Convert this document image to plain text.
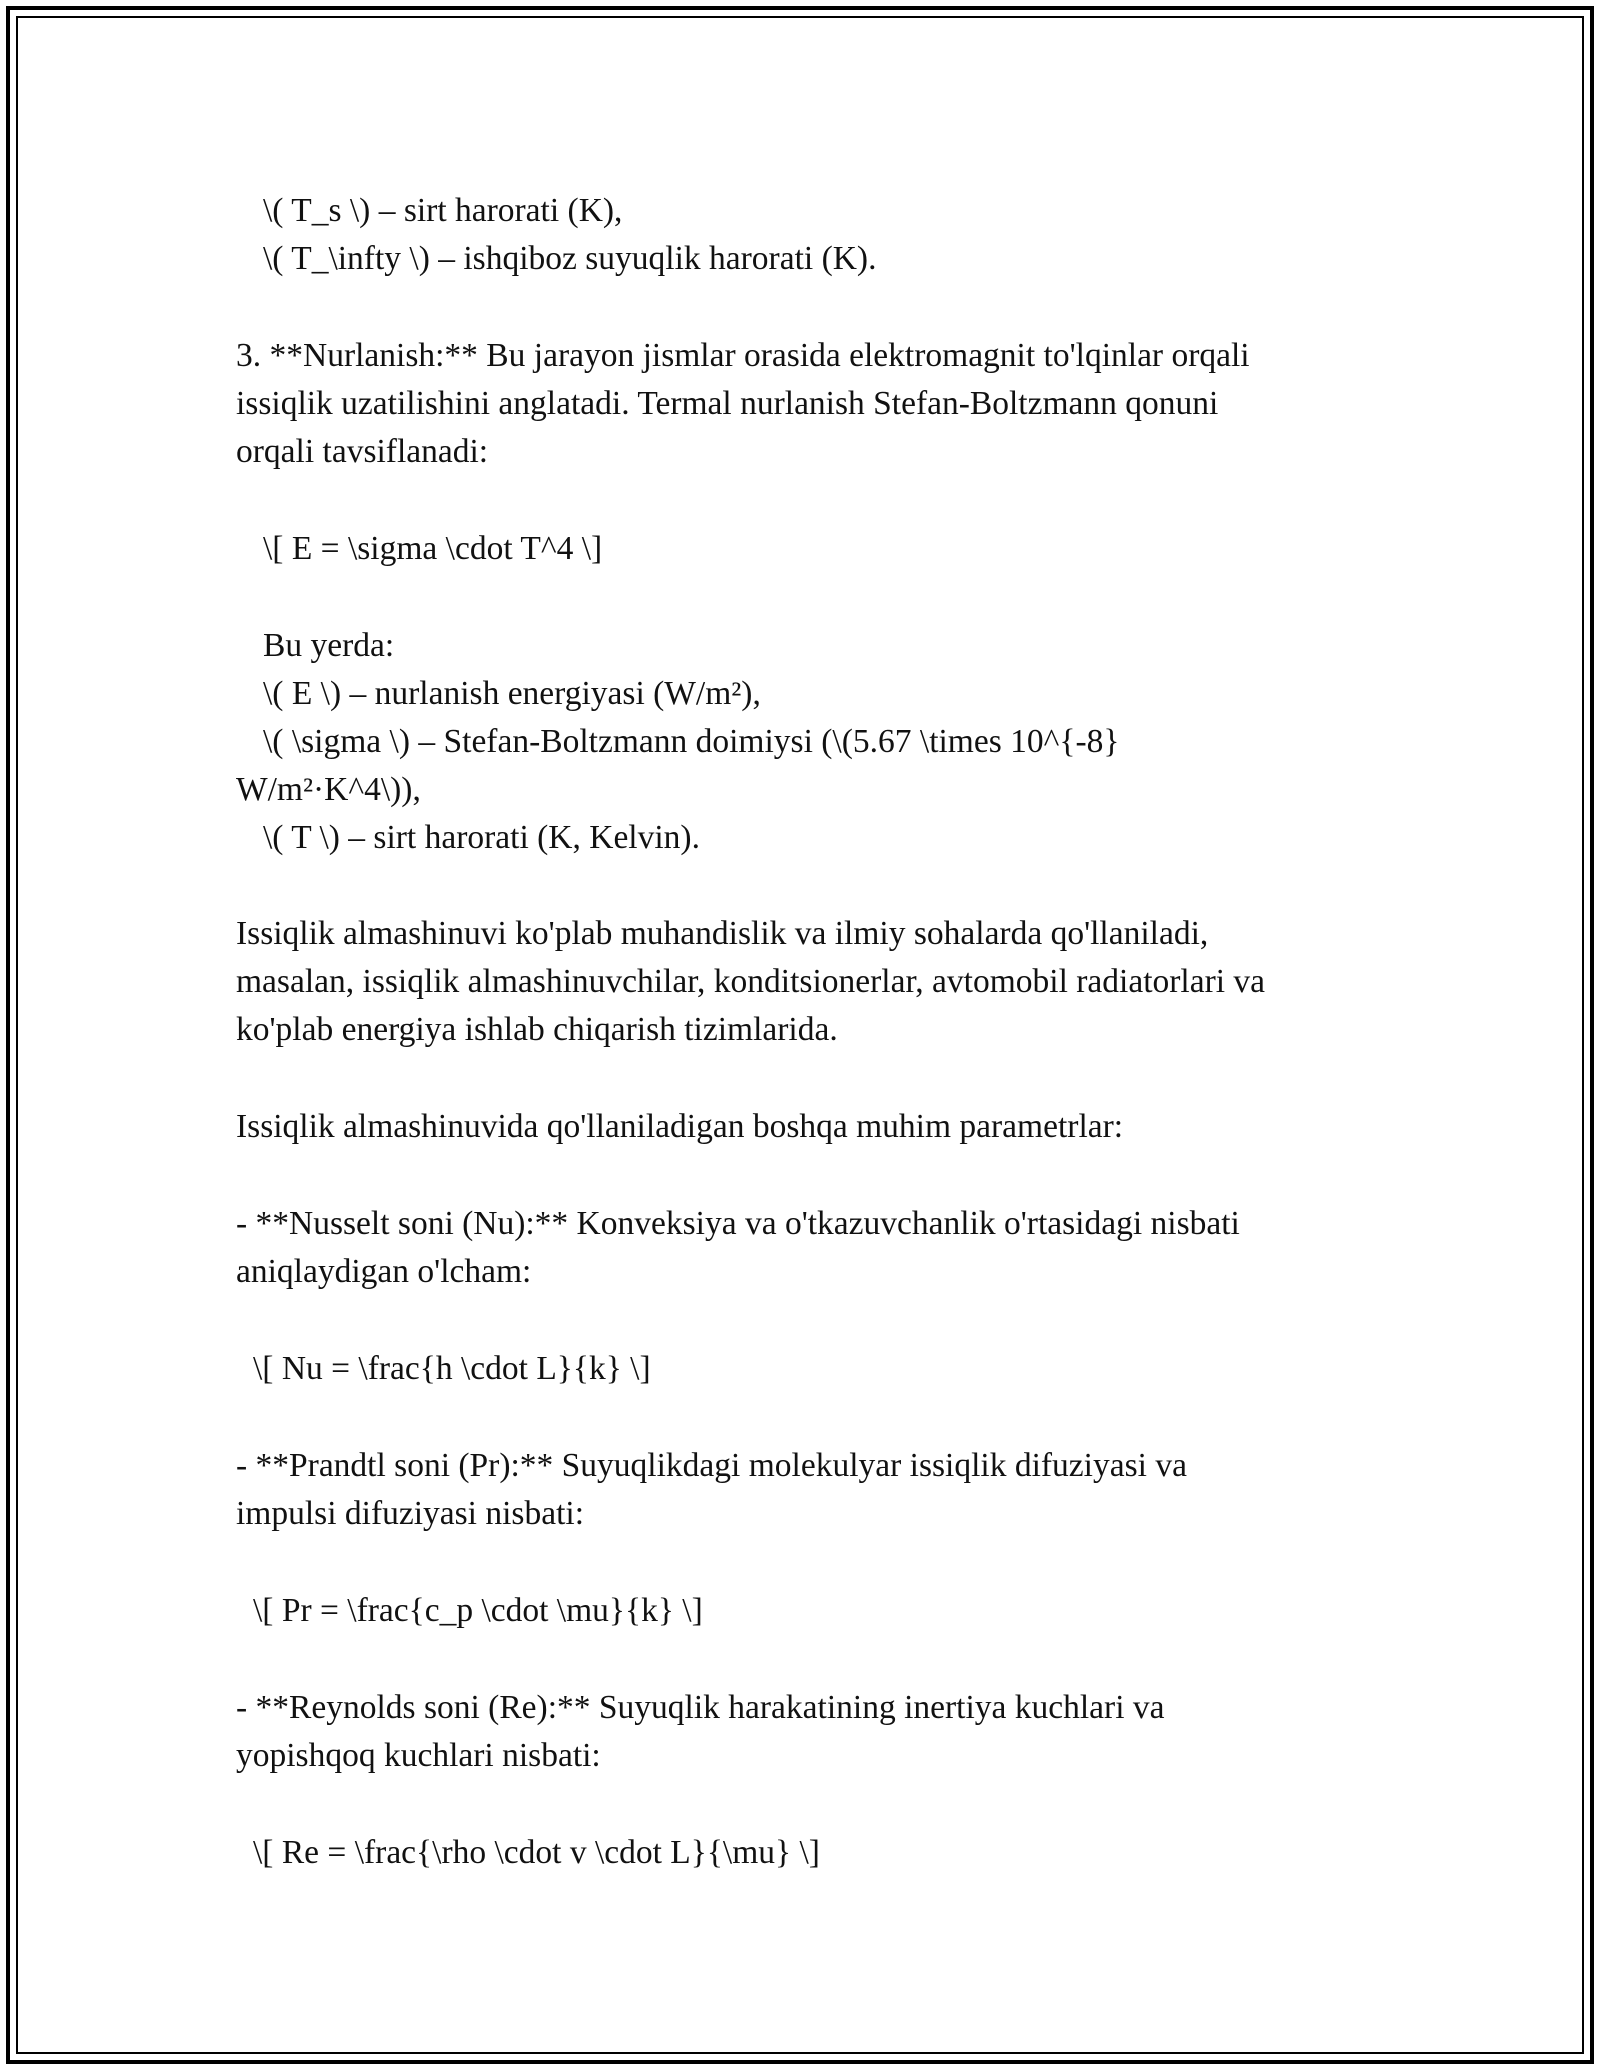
\( T_s \) – sirt harorati (K),
\( T_\infty \) – ishqiboz suyuqlik harorati (K).
3. **Nurlanish:** Bu jarayon jismlar orasida elektromagnit to'lqinlar orqali
issiqlik uzatilishini anglatadi. Termal nurlanish Stefan-Boltzmann qonuni
orqali tavsiflanadi:
\[ E = \sigma \cdot T^4 \]
Bu yerda:
\( E \) – nurlanish energiyasi (W/m²),
\( \sigma \) – Stefan-Boltzmann doimiysi (\(5.67 \times 10^{-8}
W/m²·K^4\)),
\( T \) – sirt harorati (K, Kelvin).
Issiqlik almashinuvi ko'plab muhandislik va ilmiy sohalarda qo'llaniladi,
masalan, issiqlik almashinuvchilar, konditsionerlar, avtomobil radiatorlari va
ko'plab energiya ishlab chiqarish tizimlarida.
Issiqlik almashinuvida qo'llaniladigan boshqa muhim parametrlar:
- **Nusselt soni (Nu):** Konveksiya va o'tkazuvchanlik o'rtasidagi nisbati
aniqlaydigan o'lcham:
\[ Nu = \frac{h \cdot L}{k} \]
- **Prandtl soni (Pr):** Suyuqlikdagi molekulyar issiqlik difuziyasi va
impulsi difuziyasi nisbati:
\[ Pr = \frac{c_p \cdot \mu}{k} \]
- **Reynolds soni (Re):** Suyuqlik harakatining inertiya kuchlari va
yopishqoq kuchlari nisbati:
\[ Re = \frac{\rho \cdot v \cdot L}{\mu} \]
